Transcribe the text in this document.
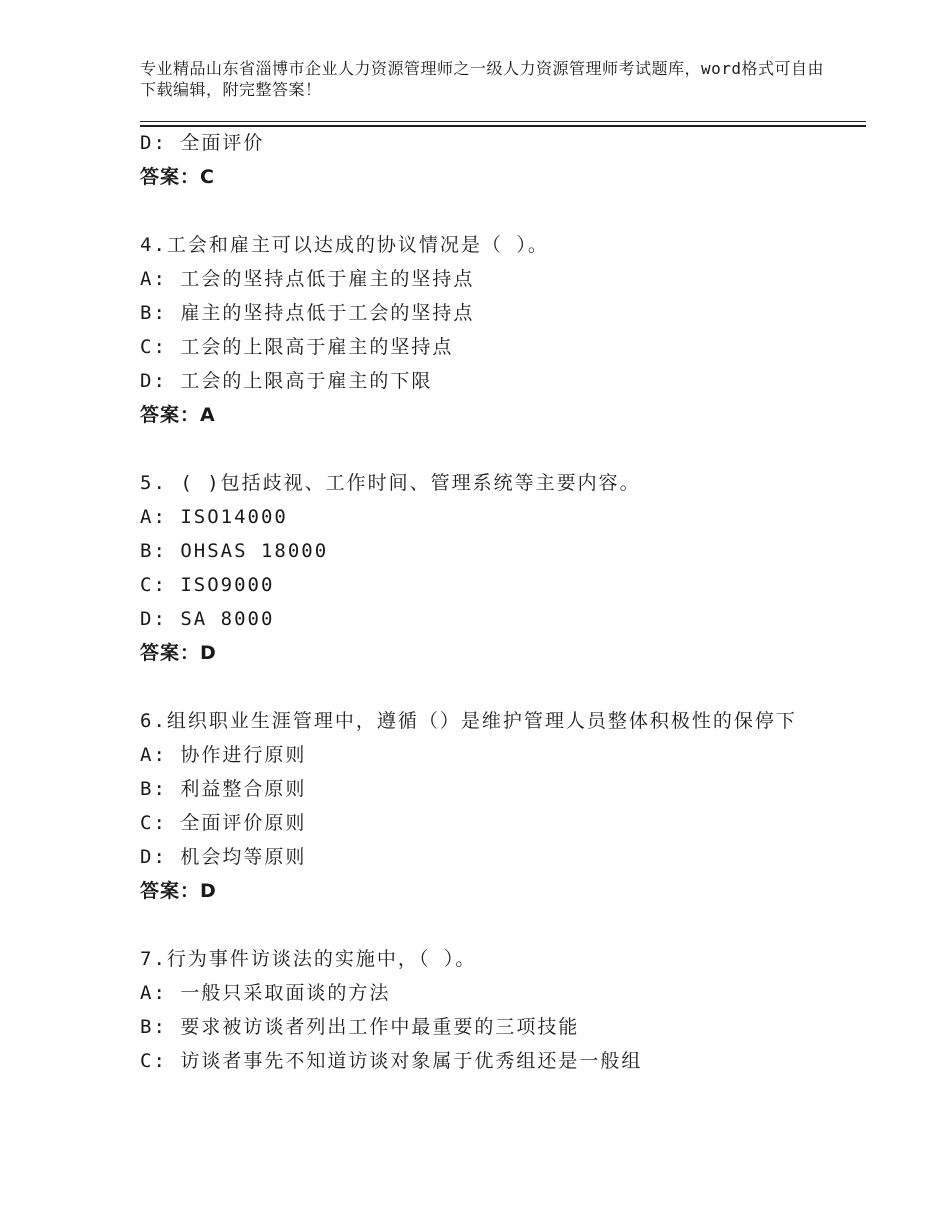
专业精品山东省淄博市企业人力资源管理师之一级人力资源管理师考试题库，word格式可自由下载编辑，附完整答案！
D: 全面评价
答案：C
4.工会和雇主可以达成的协议情况是（ ）。
A: 工会的坚持点低于雇主的坚持点
B: 雇主的坚持点低于工会的坚持点
C: 工会的上限高于雇主的坚持点
D: 工会的上限高于雇主的下限
答案：A
5. ( )包括歧视、工作时间、管理系统等主要内容。
A: ISO14000
B: OHSAS 18000
C: ISO9000
D: SA 8000
答案：D
6.组织职业生涯管理中，遵循（）是维护管理人员整体积极性的保停下
A: 协作进行原则
B: 利益整合原则
C: 全面评价原则
D: 机会均等原则
答案：D
7.行为事件访谈法的实施中，（ ）。
A: 一般只采取面谈的方法
B: 要求被访谈者列出工作中最重要的三项技能
C: 访谈者事先不知道访谈对象属于优秀组还是一般组
